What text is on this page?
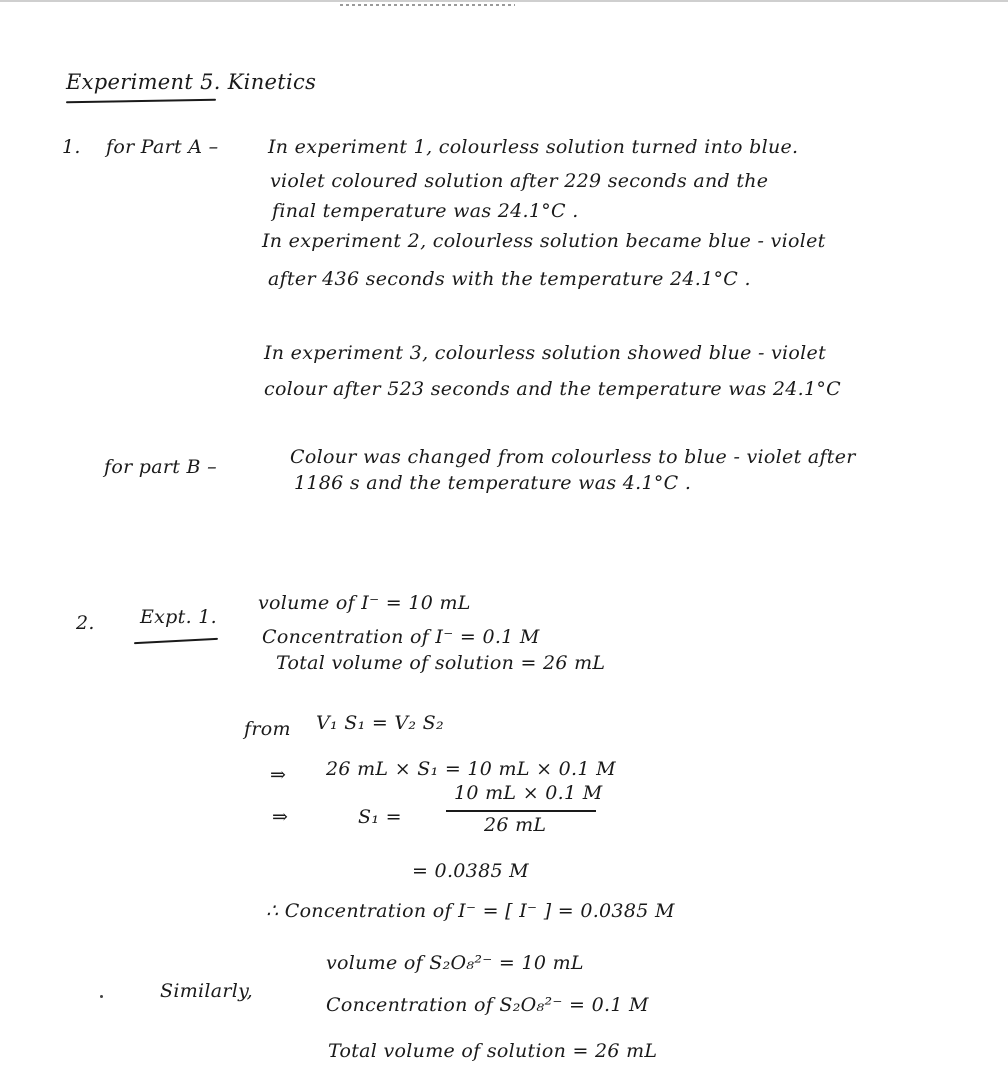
Experiment 5. Kinetics
1. for Part A –	In experiment 1, colourless solution turned into blue.
violet coloured solution after 229 seconds and the
final temperature was 24.1°C .
In experiment 2, colourless solution became blue - violet
after 436 seconds with the temperature 24.1°C .
In experiment 3, colourless solution showed blue - violet
colour after 523 seconds and the temperature was 24.1°C
for part B –	Colour was changed from colourless to blue - violet after
1186 s and the temperature was 4.1°C .
2. Expt. 1.
volume of I⁻ = 10 mL
Concentration of I⁻ = 0.1 M
Total volume of solution = 26 mL
from V₁ S₁ = V₂ S₂
⇒ 26 mL × S₁ = 10 mL × 0.1 M
⇒	S₁ =
10 mL × 0.1 M
26 mL
= 0.0385 M
∴ Concentration of I⁻ = [ I⁻ ] = 0.0385 M
Similarly,
volume of S₂O₈²⁻ = 10 mL
Concentration of S₂O₈²⁻ = 0.1 M
Total volume of solution = 26 mL
